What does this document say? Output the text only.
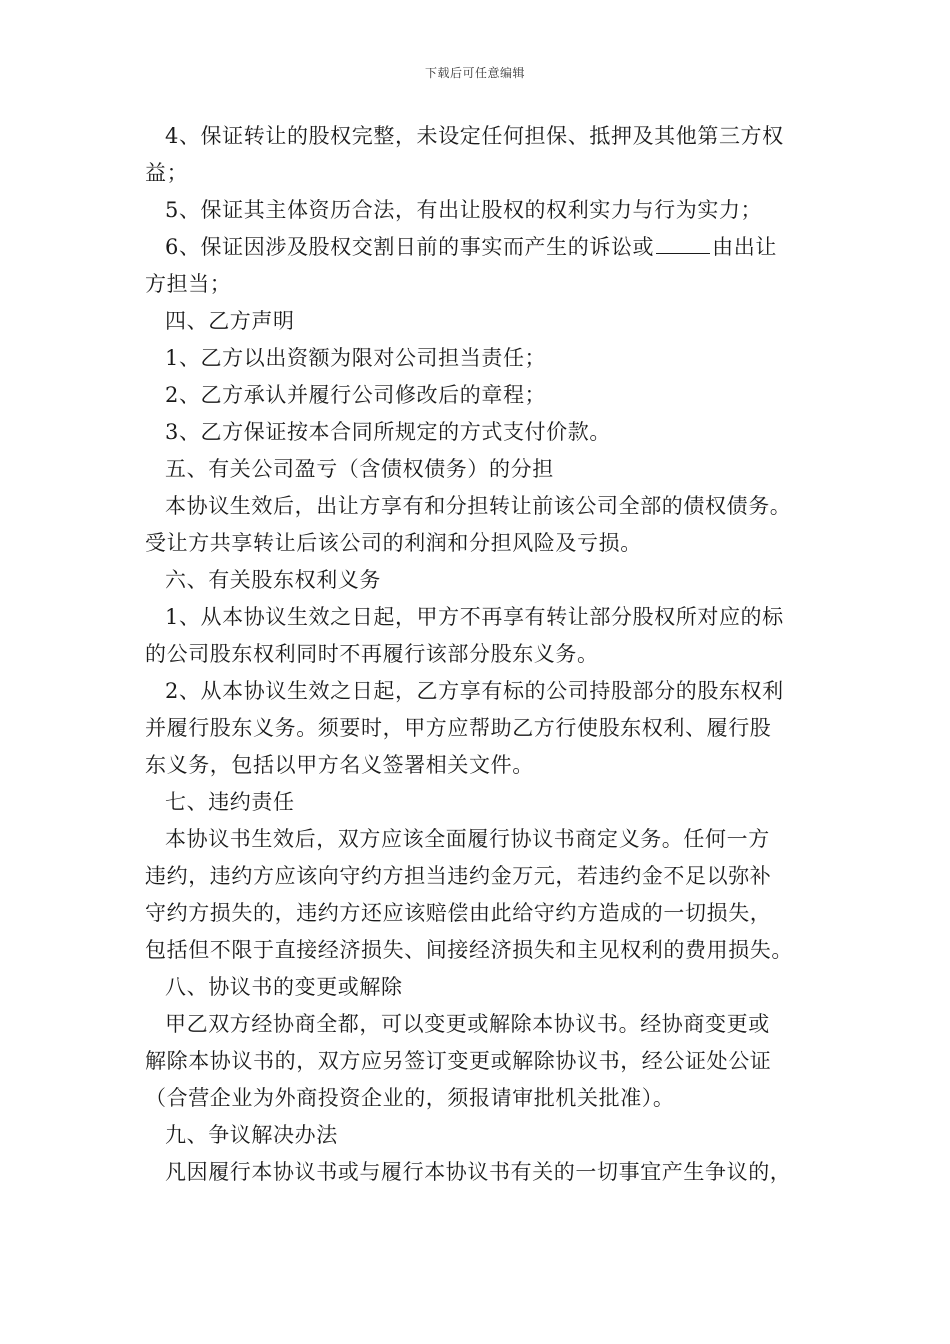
下载后可任意编辑
4、保证转让的股权完整，未设定任何担保、抵押及其他第三方权
益；
5、保证其主体资历合法，有出让股权的权利实力与行为实力；
6、保证因涉及股权交割日前的事实而产生的诉讼或	由出让
方担当；
四、乙方声明
1、乙方以出资额为限对公司担当责任；
2、乙方承认并履行公司修改后的章程；
3、乙方保证按本合同所规定的方式支付价款。
五、有关公司盈亏（含债权债务）的分担
本协议生效后，出让方享有和分担转让前该公司全部的债权债务。
受让方共享转让后该公司的利润和分担风险及亏损。
六、有关股东权利义务
1、从本协议生效之日起，甲方不再享有转让部分股权所对应的标
的公司股东权利同时不再履行该部分股东义务。
2、从本协议生效之日起，乙方享有标的公司持股部分的股东权利
并履行股东义务。须要时，甲方应帮助乙方行使股东权利、履行股
东义务，包括以甲方名义签署相关文件。
七、违约责任
本协议书生效后，双方应该全面履行协议书商定义务。任何一方
违约，违约方应该向守约方担当违约金万元，若违约金不足以弥补
守约方损失的，违约方还应该赔偿由此给守约方造成的一切损失，
包括但不限于直接经济损失、间接经济损失和主见权利的费用损失。
八、协议书的变更或解除
甲乙双方经协商全都，可以变更或解除本协议书。经协商变更或
解除本协议书的，双方应另签订变更或解除协议书，经公证处公证
（合营企业为外商投资企业的，须报请审批机关批准）。
九、争议解决办法
凡因履行本协议书或与履行本协议书有关的一切事宜产生争议的，
